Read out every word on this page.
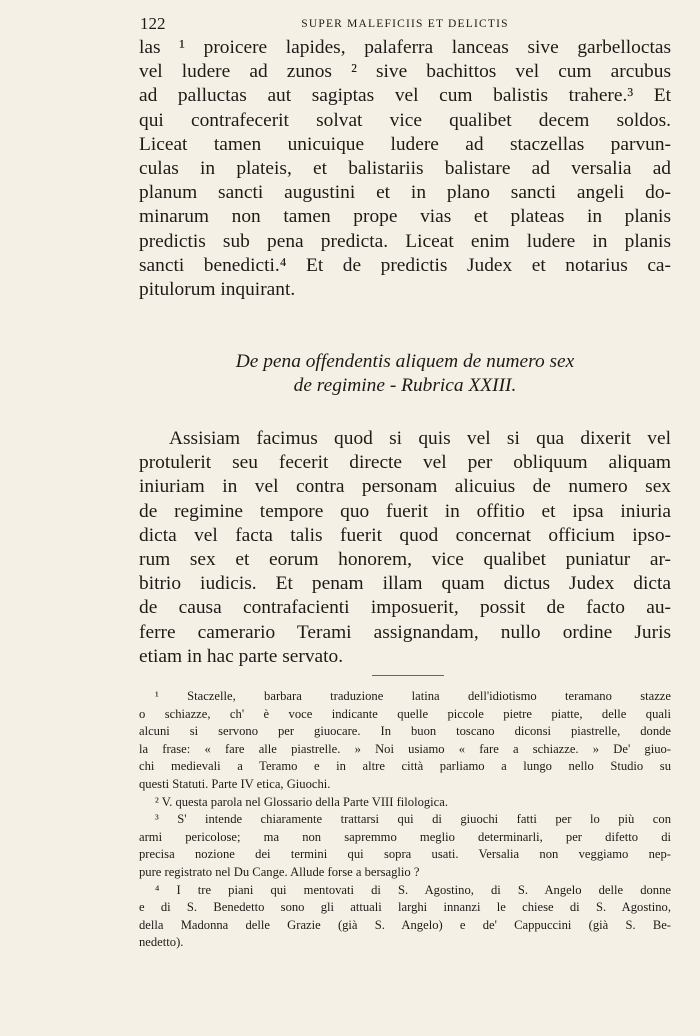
122	SUPER MALEFICIIS ET DELICTIS
las ¹ proicere lapides, palaferra lanceas sive garbelloctas
vel ludere ad zunos ² sive bachittos vel cum arcubus
ad palluctas aut sagiptas vel cum balistis trahere.³ Et
qui contrafecerit solvat vice qualibet decem soldos.
Liceat tamen unicuique ludere ad staczellas parvun-
culas in plateis, et balistariis balistare ad versalia ad
planum sancti augustini et in plano sancti angeli do-
minarum non tamen prope vias et plateas in planis
predictis sub pena predicta. Liceat enim ludere in planis
sancti benedicti.⁴ Et de predictis Judex et notarius ca-
pitulorum inquirant.
De pena offendentis aliquem de numero sex
de regimine - Rubrica XXIII.
Assisiam facimus quod si quis vel si qua dixerit vel
protulerit seu fecerit directe vel per obliquum aliquam
iniuriam in vel contra personam alicuius de numero sex
de regimine tempore quo fuerit in offitio et ipsa iniuria
dicta vel facta talis fuerit quod concernat officium ipso-
rum sex et eorum honorem, vice qualibet puniatur ar-
bitrio iudicis. Et penam illam quam dictus Judex dicta
de causa contrafacienti imposuerit, possit de facto au-
ferre camerario Terami assignandam, nullo ordine Juris
etiam in hac parte servato.
¹ Staczelle, barbara traduzione latina dell'idiotismo teramano stazze
o schiazze, ch' è voce indicante quelle piccole pietre piatte, delle quali
alcuni si servono per giuocare. In buon toscano diconsi piastrelle, donde
la frase: « fare alle piastrelle. » Noi usiamo « fare a schiazze. » De' giuo-
chi medievali a Teramo e in altre città parliamo a lungo nello Studio su
questi Statuti. Parte IV etica, Giuochi.
² V. questa parola nel Glossario della Parte VIII filologica.
³ S' intende chiaramente trattarsi qui di giuochi fatti per lo più con
armi pericolose; ma non sapremmo meglio determinarli, per difetto di
precisa nozione dei termini qui sopra usati. Versalia non veggiamo nep-
pure registrato nel Du Cange. Allude forse a bersaglio ?
⁴ I tre piani qui mentovati di S. Agostino, di S. Angelo delle donne
e di S. Benedetto sono gli attuali larghi innanzi le chiese di S. Agostino,
della Madonna delle Grazie (già S. Angelo) e de' Cappuccini (già S. Be-
nedetto).
